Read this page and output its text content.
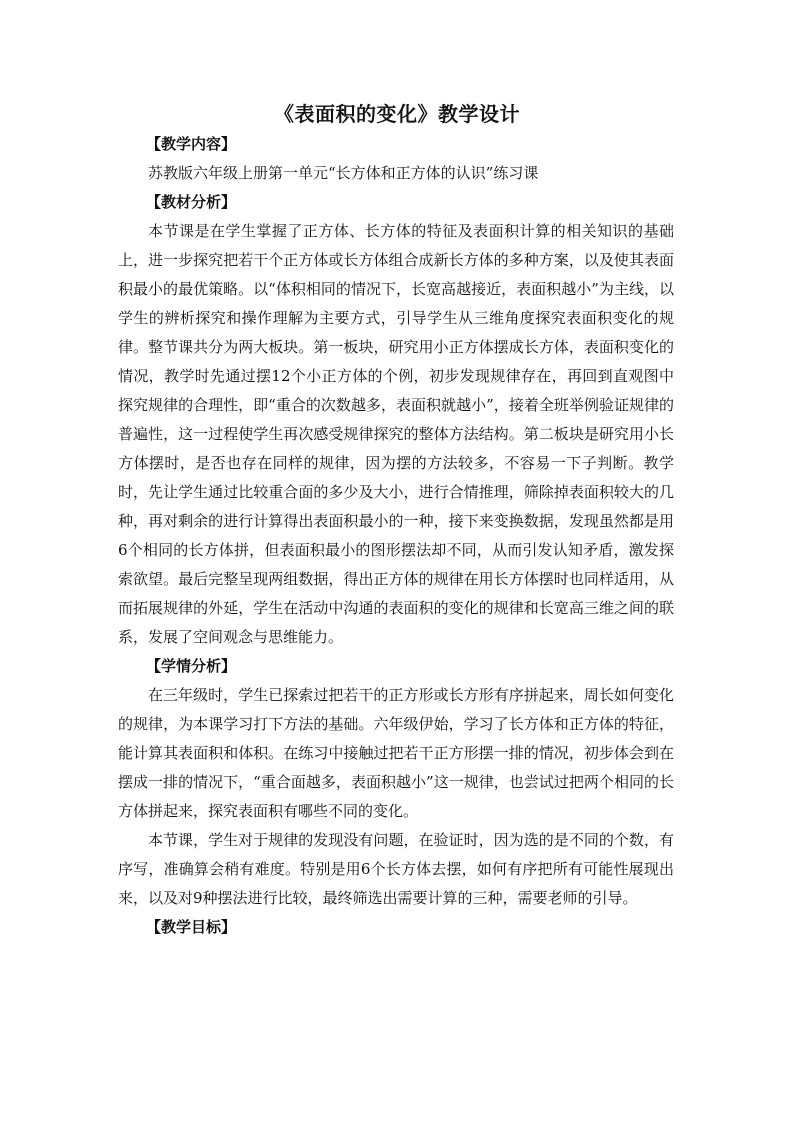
《表面积的变化》教学设计
【教学内容】
苏教版六年级上册第一单元“长方体和正方体的认识”练习课
【教材分析】

本节课是在学生掌握了正方体、长方体的特征及表面积计算的相关知识的基础上，进一步探究把若干个正方体或长方体组合成新长方体的多种方案，以及使其表面积最小的最优策略。以“体积相同的情况下，长宽高越接近，表面积越小”为主线，以学生的辨析探究和操作理解为主要方式，引导学生从三维角度探究表面积变化的规律。整节课共分为两大板块。第一板块，研究用小正方体摆成长方体，表面积变化的情况，教学时先通过摆12个小正方体的个例，初步发现规律存在，再回到直观图中探究规律的合理性，即“重合的次数越多，表面积就越小”，接着全班举例验证规律的普遍性，这一过程使学生再次感受规律探究的整体方法结构。第二板块是研究用小长方体摆时，是否也存在同样的规律，因为摆的方法较多，不容易一下子判断。教学时，先让学生通过比较重合面的多少及大小，进行合情推理，筛除掉表面积较大的几种，再对剩余的进行计算得出表面积最小的一种，接下来变换数据，发现虽然都是用6个相同的长方体拼，但表面积最小的图形摆法却不同，从而引发认知矛盾，激发探索欲望。最后完整呈现两组数据，得出正方体的规律在用长方体摆时也同样适用，从而拓展规律的外延，学生在活动中沟通的表面积的变化的规律和长宽高三维之间的联系，发展了空间观念与思维能力。

【学情分析】

在三年级时，学生已探索过把若干的正方形或长方形有序拼起来，周长如何变化的规律，为本课学习打下方法的基础。六年级伊始，学习了长方体和正方体的特征，能计算其表面积和体积。在练习中接触过把若干正方形摆一排的情况，初步体会到在摆成一排的情况下，“重合面越多，表面积越小”这一规律，也尝试过把两个相同的长方体拼起来，探究表面积有哪些不同的变化。

本节课，学生对于规律的发现没有问题，在验证时，因为选的是不同的个数，有序写，准确算会稍有难度。特别是用6个长方体去摆，如何有序把所有可能性展现出来，以及对9种摆法进行比较，最终筛选出需要计算的三种，需要老师的引导。

【教学目标】
